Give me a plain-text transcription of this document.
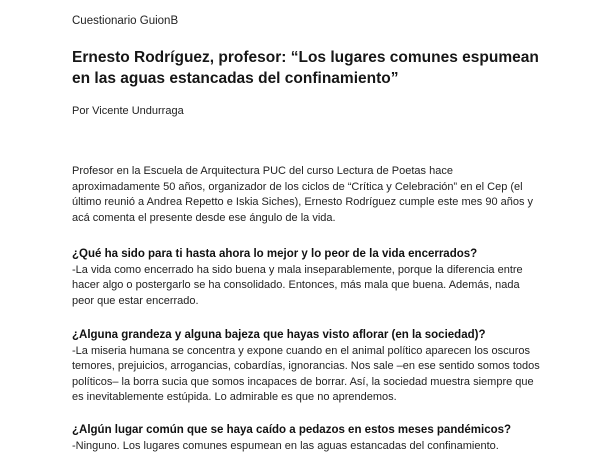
Cuestionario GuionB
Ernesto Rodríguez, profesor: “Los lugares comunes espumean en las aguas estancadas del confinamiento”
Por Vicente Undurraga

Profesor en la Escuela de Arquitectura PUC del curso Lectura de Poetas hace aproximadamente 50 años, organizador de los ciclos de “Crítica y Celebración” en el Cep (el último reunió a Andrea Repetto e Iskia Siches), Ernesto Rodríguez cumple este mes 90 años y acá comenta el presente desde ese ángulo de la vida.

¿Qué ha sido para ti hasta ahora lo mejor y lo peor de la vida encerrados?

-La vida como encerrado ha sido buena y mala inseparablemente, porque la diferencia entre hacer algo o postergarlo se ha consolidado. Entonces, más mala que buena. Además, nada peor que estar encerrado.

¿Alguna grandeza y alguna bajeza que hayas visto aflorar (en la sociedad)?

-La miseria humana se concentra y expone cuando en el animal político aparecen los oscuros temores, prejuicios, arrogancias, cobardías, ignorancias. Nos sale –en ese sentido somos todos políticos– la borra sucia que somos incapaces de borrar. Así, la sociedad muestra siempre que es inevitablemente estúpida. Lo admirable es que no aprendemos.

¿Algún lugar común que se haya caído a pedazos en estos meses pandémicos?

-Ninguno. Los lugares comunes espumean en las aguas estancadas del confinamiento.
